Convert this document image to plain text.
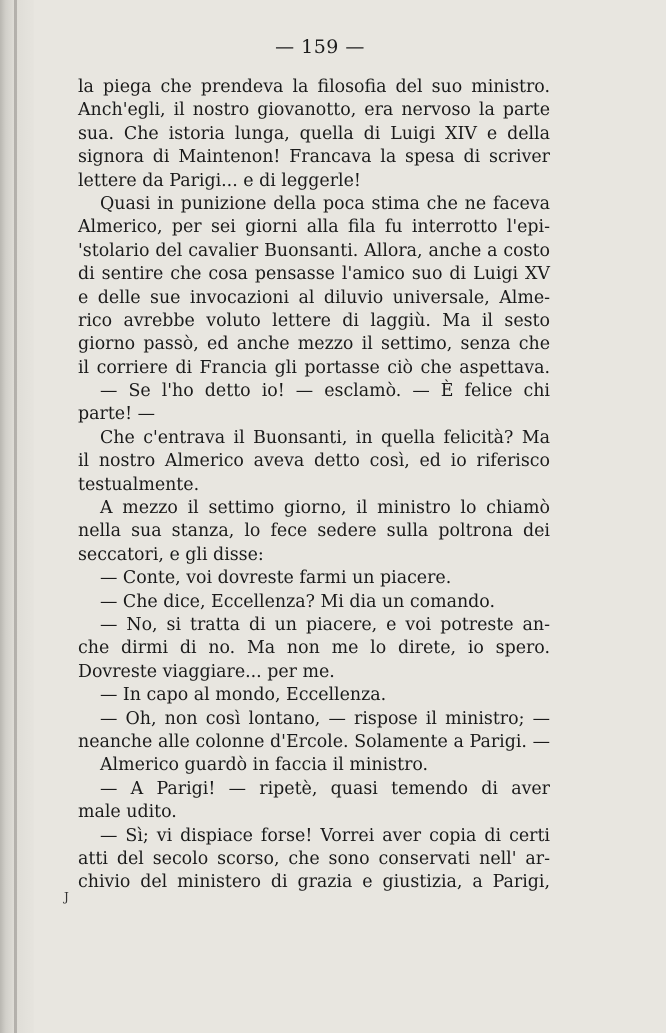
— 159 —
la piega che prendeva la filosofia del suo ministro.
Anch'egli, il nostro giovanotto, era nervoso la parte
sua. Che istoria lunga, quella di Luigi XIV e della
signora di Maintenon! Francava la spesa di scriver
lettere da Parigi... e di leggerle!
Quasi in punizione della poca stima che ne faceva
Almerico, per sei giorni alla fila fu interrotto l'epi-
'stolario del cavalier Buonsanti. Allora, anche a costo
di sentire che cosa pensasse l'amico suo di Luigi XV
e delle sue invocazioni al diluvio universale, Alme-
rico avrebbe voluto lettere di laggiù. Ma il sesto
giorno passò, ed anche mezzo il settimo, senza che
il corriere di Francia gli portasse ciò che aspettava.
— Se l'ho detto io! — esclamò. — È felice chi
parte! —
Che c'entrava il Buonsanti, in quella felicità? Ma
il nostro Almerico aveva detto così, ed io riferisco
testualmente.
A mezzo il settimo giorno, il ministro lo chiamò
nella sua stanza, lo fece sedere sulla poltrona dei
seccatori, e gli disse:
— Conte, voi dovreste farmi un piacere.
— Che dice, Eccellenza? Mi dia un comando.
— No, si tratta di un piacere, e voi potreste an-
che dirmi di no. Ma non me lo direte, io spero.
Dovreste viaggiare... per me.
— In capo al mondo, Eccellenza.
— Oh, non così lontano, — rispose il ministro; —
neanche alle colonne d'Ercole. Solamente a Parigi. —
Almerico guardò in faccia il ministro.
— A Parigi! — ripetè, quasi temendo di aver
male udito.
— Sì; vi dispiace forse! Vorrei aver copia di certi
atti del secolo scorso, che sono conservati nell' ar-
chivio del ministero di grazia e giustizia, a Parigi,
J
